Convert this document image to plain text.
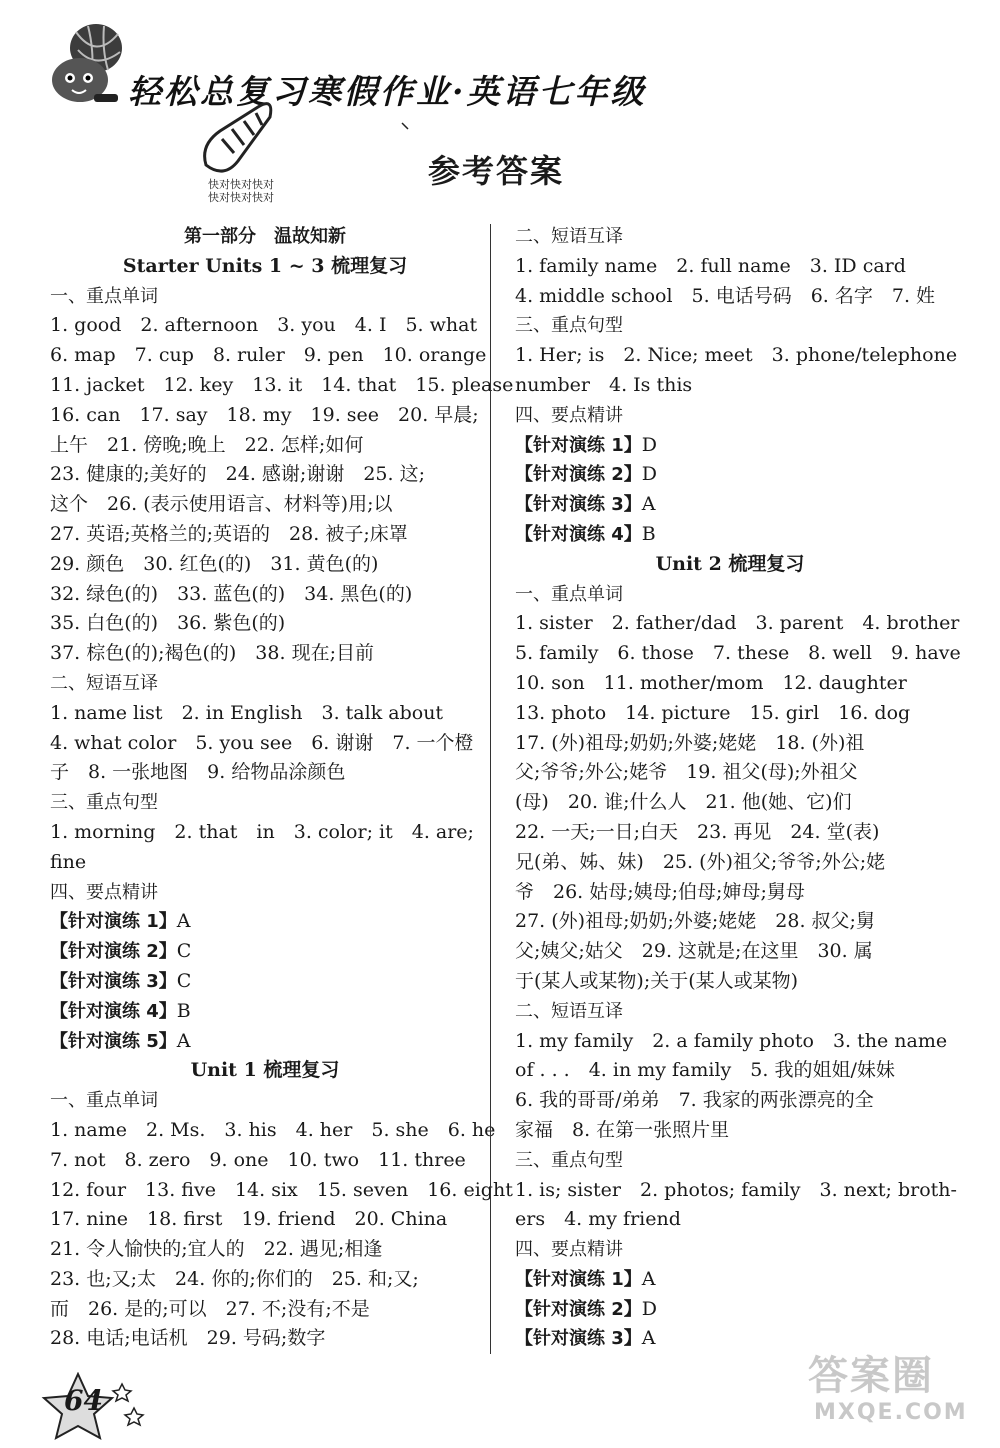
轻松总复习寒假作业·英语七年级
快对快对快对
快对快对快对
参考答案
第一部分　温故知新
Starter Units 1 ~ 3 梳理复习
一、重点单词
1. good　2. afternoon　3. you　4. I　5. what
6. map　7. cup　8. ruler　9. pen　10. orange
11. jacket　12. key　13. it　14. that　15. please
16. can　17. say　18. my　19. see　20. 早晨;
上午　21. 傍晚;晚上　22. 怎样;如何
23. 健康的;美好的　24. 感谢;谢谢　25. 这;
这个　26. (表示使用语言、材料等)用;以
27. 英语;英格兰的;英语的　28. 被子;床罩
29. 颜色　30. 红色(的)　31. 黄色(的)
32. 绿色(的)　33. 蓝色(的)　34. 黑色(的)
35. 白色(的)　36. 紫色(的)
37. 棕色(的);褐色(的)　38. 现在;目前
二、短语互译
1. name list　2. in English　3. talk about
4. what color　5. you see　6. 谢谢　7. 一个橙
子　8. 一张地图　9. 给物品涂颜色
三、重点句型
1. morning　2. that　in　3. color; it　4. are;
fine
四、要点精讲
【针对演练 1】A
【针对演练 2】C
【针对演练 3】C
【针对演练 4】B
【针对演练 5】A
Unit 1 梳理复习
一、重点单词
1. name　2. Ms.　3. his　4. her　5. she　6. he
7. not　8. zero　9. one　10. two　11. three
12. four　13. five　14. six　15. seven　16. eight
17. nine　18. first　19. friend　20. China
21. 令人愉快的;宜人的　22. 遇见;相逢
23. 也;又;太　24. 你的;你们的　25. 和;又;
而　26. 是的;可以　27. 不;没有;不是
28. 电话;电话机　29. 号码;数字
二、短语互译
1. family name　2. full name　3. ID card
4. middle school　5. 电话号码　6. 名字　7. 姓
三、重点句型
1. Her; is　2. Nice; meet　3. phone/telephone
number　4. Is this
四、要点精讲
【针对演练 1】D
【针对演练 2】D
【针对演练 3】A
【针对演练 4】B
Unit 2 梳理复习
一、重点单词
1. sister　2. father/dad　3. parent　4. brother
5. family　6. those　7. these　8. well　9. have
10. son　11. mother/mom　12. daughter
13. photo　14. picture　15. girl　16. dog
17. (外)祖母;奶奶;外婆;姥姥　18. (外)祖
父;爷爷;外公;姥爷　19. 祖父(母);外祖父
(母)　20. 谁;什么人　21. 他(她、它)们
22. 一天;一日;白天　23. 再见　24. 堂(表)
兄(弟、姊、妹)　25. (外)祖父;爷爷;外公;姥
爷　26. 姑母;姨母;伯母;婶母;舅母
27. (外)祖母;奶奶;外婆;姥姥　28. 叔父;舅
父;姨父;姑父　29. 这就是;在这里　30. 属
于(某人或某物);关于(某人或某物)
二、短语互译
1. my family　2. a family photo　3. the name
of . . .　4. in my family　5. 我的姐姐/妹妹
6. 我的哥哥/弟弟　7. 我家的两张漂亮的全
家福　8. 在第一张照片里
三、重点句型
1. is; sister　2. photos; family　3. next; broth-
ers　4. my friend
四、要点精讲
【针对演练 1】A
【针对演练 2】D
【针对演练 3】A
64
答案圈
MXQE.COM
